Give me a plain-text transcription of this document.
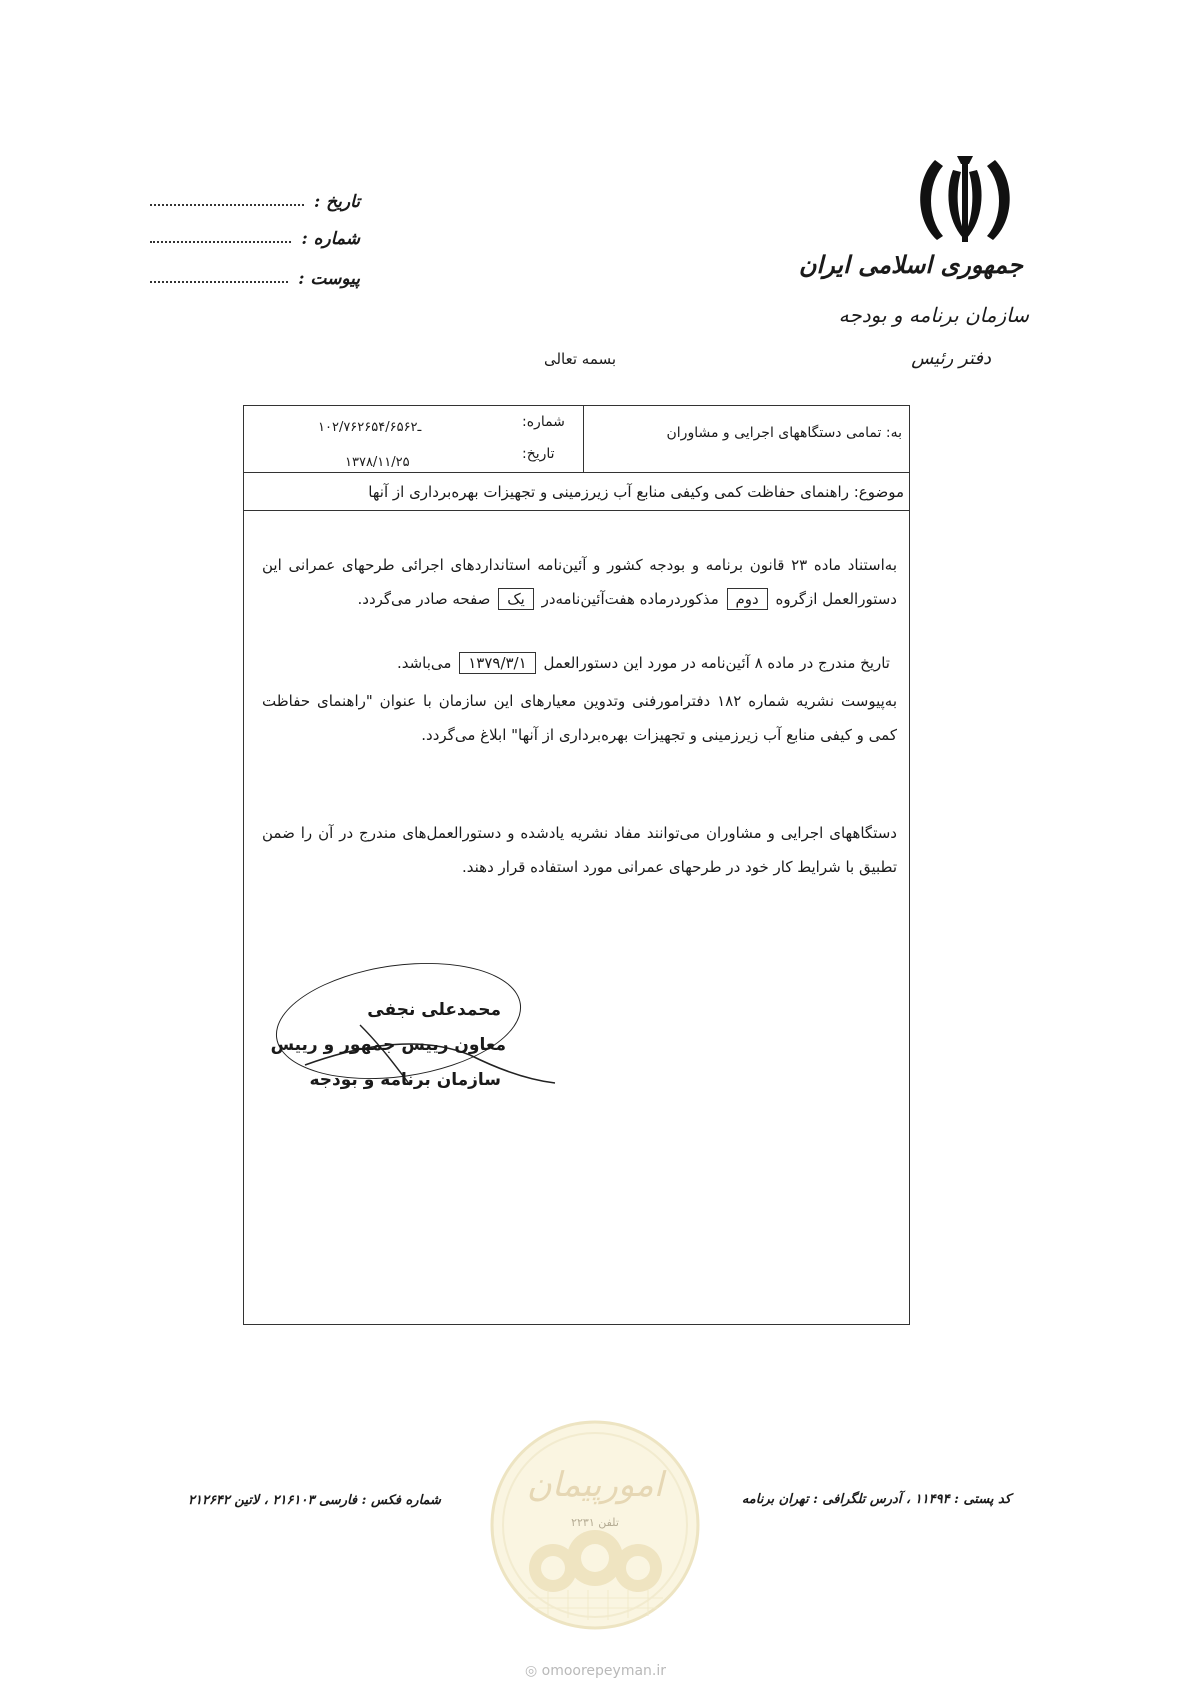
جمهوری اسلامی ایران
سازمان برنامه و بودجه
دفتر رئیس
تاریخ :
شماره :
پیوست :
بسمه تعالی
به: تمامی دستگاههای اجرایی و مشاوران
شماره:
۱۰۲/۷۶۲۶ـ۵۴/۶۵۶۲
تاریخ:
۱۳۷۸/۱۱/۲۵
موضوع: راهنمای حفاظت کمی وکیفی منابع آب زیرزمینی و تجهیزات بهره‌برداری از آنها
به‌استناد ماده ۲۳ قانون برنامه و بودجه کشور و آئین‌نامه استانداردهای اجرائی طرحهای عمرانی این دستورالعمل ازگروه دوم مذکوردرماده هفت‌آئین‌نامه‌در یک صفحه صادر می‌گردد.
تاریخ مندرج در ماده ۸ آئین‌نامه در مورد این دستورالعمل ۱۳۷۹/۳/۱ می‌باشد.
به‌پیوست نشریه شماره ۱۸۲ دفترامورفنی وتدوین معیارهای این سازمان با عنوان "راهنمای حفاظت کمی و کیفی منابع آب زیرزمینی و تجهیزات بهره‌برداری از آنها" ابلاغ می‌گردد.
دستگاههای اجرایی و مشاوران می‌توانند مفاد نشریه یادشده و دستورالعمل‌های مندرج در آن را ضمن تطبیق با شرایط کار خود در طرحهای عمرانی مورد استفاده قرار دهند.
محمدعلی نجفی
معاون رییس جمهور و رییس
سازمان برنامه و بودجه
امورپیمان
تلفن ۲۲۳۱
◎ omoorepeyman.ir
شماره فکس : فارسی ۲۱۶۱۰۳ ، لاتین ۲۱۲۶۴۲	کد پستی : ۱۱۴۹۴ ، آدرس تلگرافی : تهران برنامه
